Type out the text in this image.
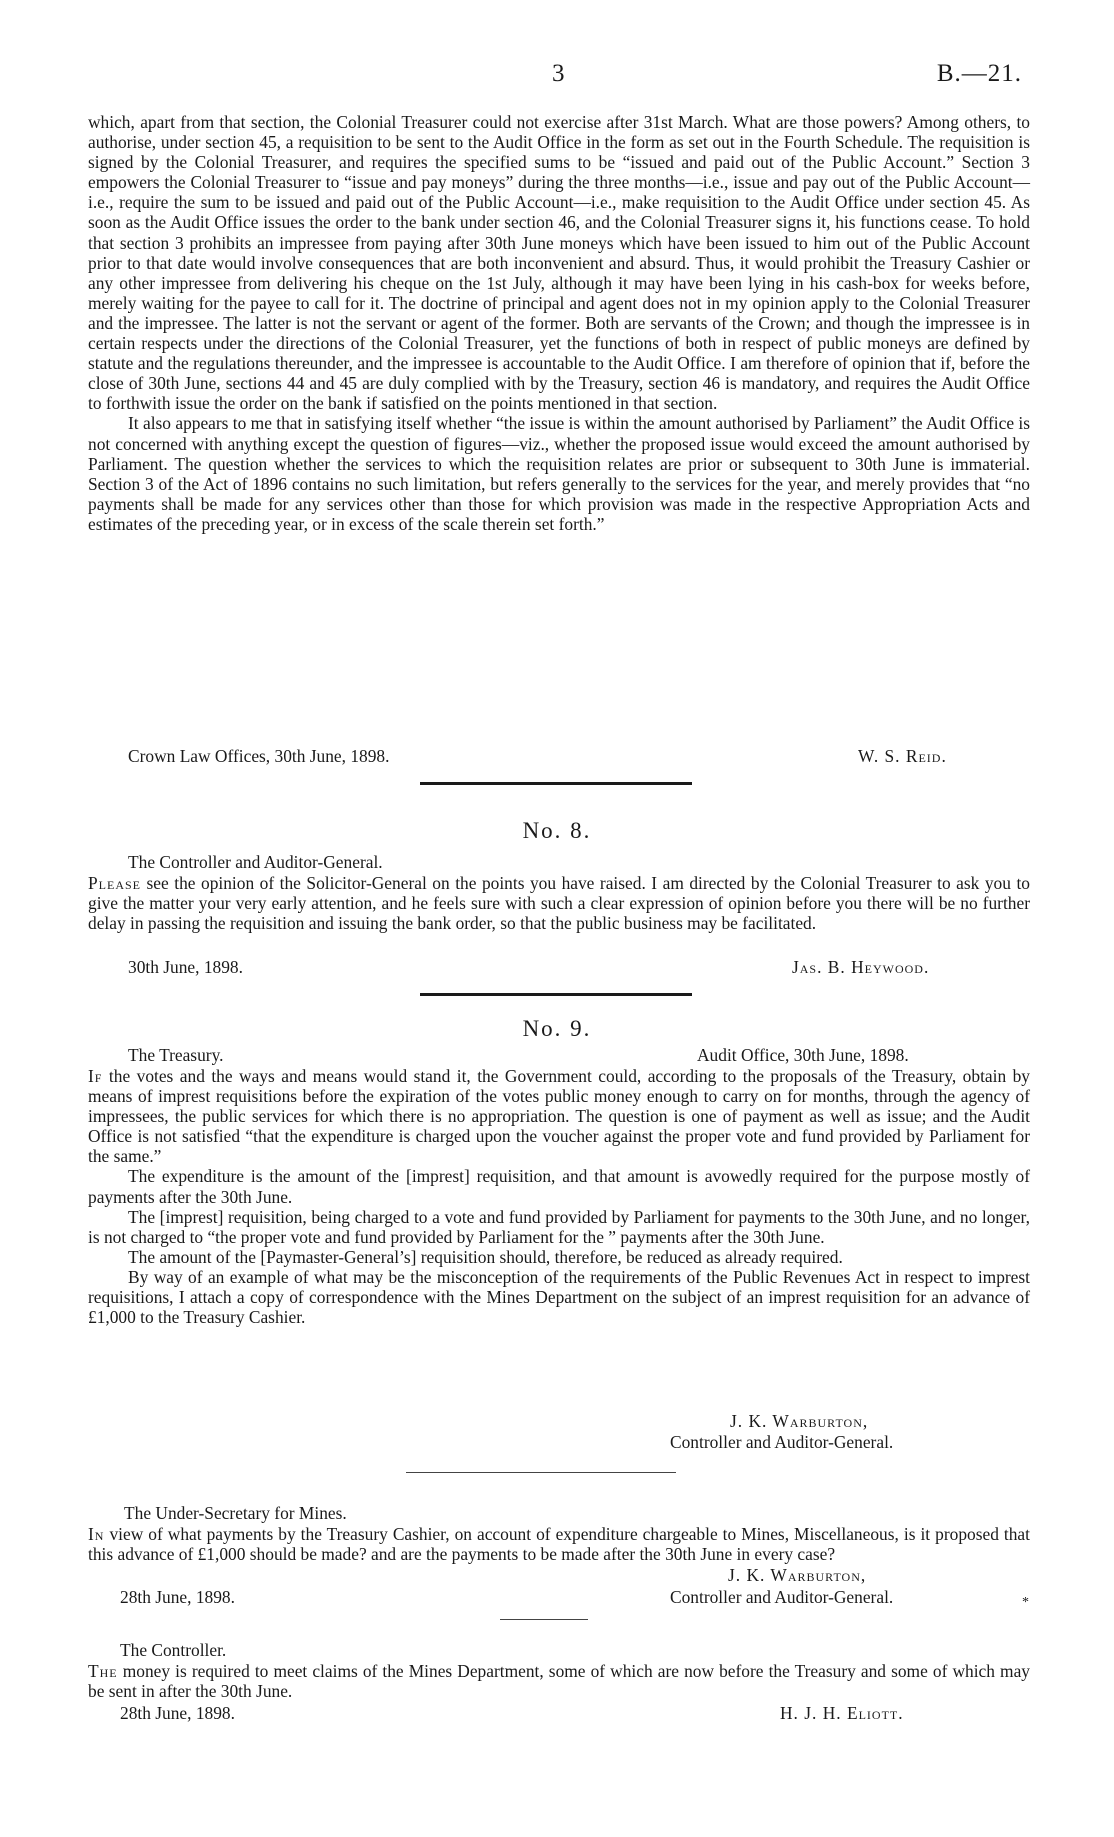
3	B.—21.

which, apart from that section, the Colonial Treasurer could not exercise after 31st March. What are those powers? Among others, to authorise, under section 45, a requisition to be sent to the Audit Office in the form as set out in the Fourth Schedule. The requisition is signed by the Colonial Treasurer, and requires the specified sums to be “issued and paid out of the Public Account.” Section 3 empowers the Colonial Treasurer to “issue and pay moneys” during the three months—i.e., issue and pay out of the Public Account—i.e., require the sum to be issued and paid out of the Public Account—i.e., make requisition to the Audit Office under section 45. As soon as the Audit Office issues the order to the bank under section 46, and the Colonial Treasurer signs it, his functions cease. To hold that section 3 prohibits an impressee from paying after 30th June moneys which have been issued to him out of the Public Account prior to that date would involve consequences that are both inconvenient and absurd. Thus, it would prohibit the Treasury Cashier or any other impressee from delivering his cheque on the 1st July, although it may have been lying in his cash-box for weeks before, merely waiting for the payee to call for it. The doctrine of principal and agent does not in my opinion apply to the Colonial Treasurer and the impressee. The latter is not the servant or agent of the former. Both are servants of the Crown; and though the impressee is in certain respects under the directions of the Colonial Treasurer, yet the functions of both in respect of public moneys are defined by statute and the regulations thereunder, and the impressee is accountable to the Audit Office. I am therefore of opinion that if, before the close of 30th June, sections 44 and 45 are duly complied with by the Treasury, section 46 is mandatory, and requires the Audit Office to forthwith issue the order on the bank if satisfied on the points mentioned in that section.

It also appears to me that in satisfying itself whether “the issue is within the amount authorised by Parliament” the Audit Office is not concerned with anything except the question of figures—viz., whether the proposed issue would exceed the amount authorised by Parliament. The question whether the services to which the requisition relates are prior or subsequent to 30th June is immaterial. Section 3 of the Act of 1896 contains no such limitation, but refers generally to the services for the year, and merely provides that “no payments shall be made for any services other than those for which provision was made in the respective Appropriation Acts and estimates of the preceding year, or in excess of the scale therein set forth.”

Crown Law Offices, 30th June, 1898.	W. S. Reid.
No. 8.
The Controller and Auditor-General.

Please see the opinion of the Solicitor-General on the points you have raised. I am directed by the Colonial Treasurer to ask you to give the matter your very early attention, and he feels sure with such a clear expression of opinion before you there will be no further delay in passing the requisition and issuing the bank order, so that the public business may be facilitated.

30th June, 1898.	Jas. B. Heywood.
No. 9.
The Treasury.	Audit Office, 30th June, 1898.

If the votes and the ways and means would stand it, the Government could, according to the proposals of the Treasury, obtain by means of imprest requisitions before the expiration of the votes public money enough to carry on for months, through the agency of impressees, the public services for which there is no appropriation. The question is one of payment as well as issue; and the Audit Office is not satisfied “that the expenditure is charged upon the voucher against the proper vote and fund provided by Parliament for the same.”

The expenditure is the amount of the [imprest] requisition, and that amount is avowedly required for the purpose mostly of payments after the 30th June.

The [imprest] requisition, being charged to a vote and fund provided by Parliament for payments to the 30th June, and no longer, is not charged to “the proper vote and fund provided by Parliament for the ” payments after the 30th June.

The amount of the [Paymaster-General’s] requisition should, therefore, be reduced as already required.

By way of an example of what may be the misconception of the requirements of the Public Revenues Act in respect to imprest requisitions, I attach a copy of correspondence with the Mines Department on the subject of an imprest requisition for an advance of £1,000 to the Treasury Cashier.

Controller and Auditor-General.
J. K. Warburton,
The Under-Secretary for Mines.

In view of what payments by the Treasury Cashier, on account of expenditure chargeable to Mines, Miscellaneous, is it proposed that this advance of £1,000 should be made? and are the payments to be made after the 30th June in every case?

J. K. Warburton,
28th June, 1898.	Controller and Auditor-General.	*
The Controller.

The money is required to meet claims of the Mines Department, some of which are now before the Treasury and some of which may be sent in after the 30th June.

28th June, 1898.	H. J. H. Eliott.
